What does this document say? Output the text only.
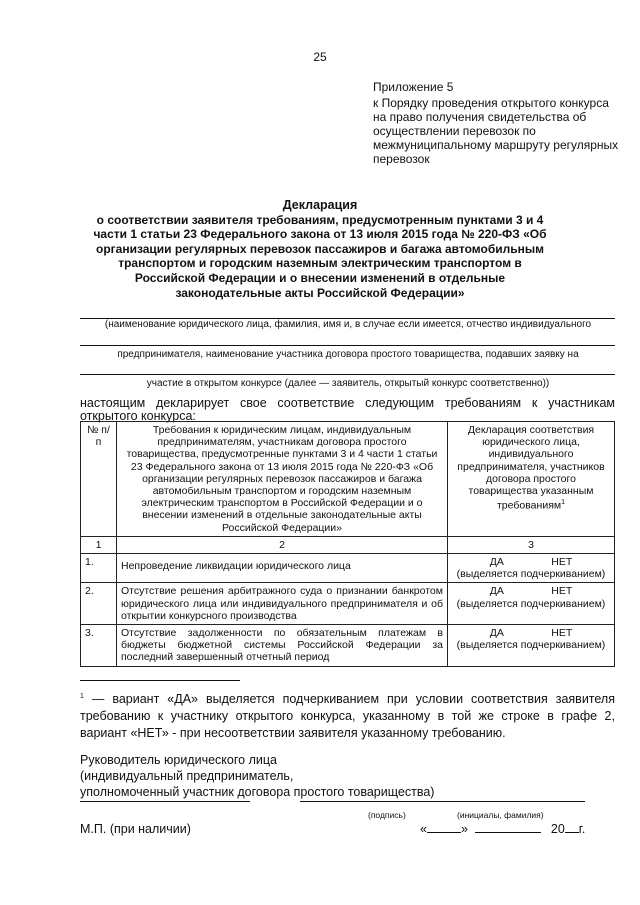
25
Приложение 5
к Порядку проведения открытого конкурса на право получения свидетельства об осуществлении перевозок по межмуниципальному маршруту регулярных перевозок
Декларация
о соответствии заявителя требованиям, предусмотренным пунктами 3 и 4 части 1 статьи 23 Федерального закона от 13 июля 2015 года № 220-ФЗ «Об организации регулярных перевозок пассажиров и багажа автомобильным транспортом и городским наземным электрическим транспортом в Российской Федерации и о внесении изменений в отдельные законодательные акты Российской Федерации»
(наименование юридического лица, фамилия, имя и, в случае если имеется, отчество индивидуального
предпринимателя, наименование участника договора простого товарищества, подавших заявку на
участие в открытом конкурсе (далее — заявитель, открытый конкурс соответственно))
настоящим декларирует свое соответствие следующим требованиям к участникам
открытого конкурса:
№ п/п	Требования к юридическим лицам, индивидуальным предпринимателям, участникам договора простого товарищества, предусмотренные пунктами 3 и 4 части 1 статьи 23 Федерального закона от 13 июля 2015 года № 220-ФЗ «Об организации регулярных перевозок пассажиров и багажа автомобильным транспортом и городским наземным электрическим транспортом в Российской Федерации и о внесении изменений в отдельные законодательные акты Российской Федерации»	Декларация соответствия юридического лица, индивидуального предпринимателя, участников договора простого товарищества указанным требованиям$^1$
1	2	3
1.	Непроведение ликвидации юридического лица	ДА НЕТ
(выделяется подчеркиванием)

2.	Отсутствие решения арбитражного суда о признании банкротом юридического лица или индивидуального предпринимателя и об открытии конкурсного производства	ДА НЕТ
(выделяется подчеркиванием)

3.	Отсутствие задолженности по обязательным платежам в бюджеты бюджетной системы Российской Федерации за последний завершенный отчетный период	ДА НЕТ
(выделяется подчеркиванием)
$^1$ — вариант «ДА» выделяется подчеркиванием при условии соответствия заявителя требованию к участнику открытого конкурса, указанному в той же строке в графе 2, вариант «НЕТ» - при несоответствии заявителя указанному требованию.
Руководитель юридического лица
(индивидуальный предприниматель,
уполномоченный участник договора простого товарищества)
(подпись)	(инициалы, фамилия)
М.П. (при наличии)	«	»	20 г.
